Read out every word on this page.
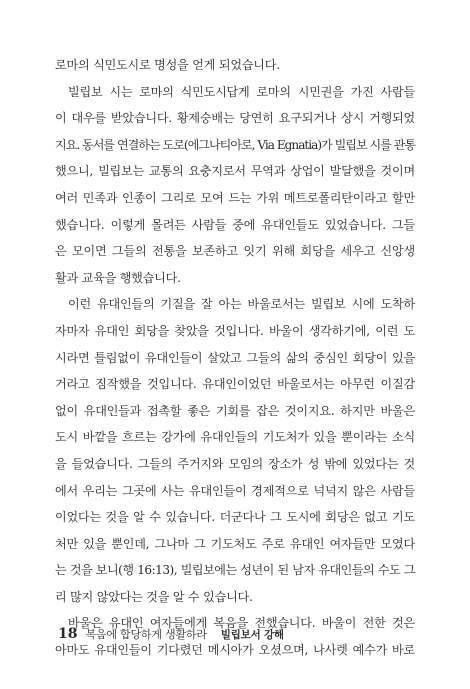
로마의 식민도시로 명성을 얻게 되었습니다.
빌립보 시는 로마의 식민도시답게 로마의 시민권을 가진 사람들
이 대우를 받았습니다. 황제숭배는 당연히 요구되거나 상시 거행되었
지요. 동서를 연결하는 도로(에그나티아로, Via Egnatia)가 빌립보 시를 관통
했으니, 빌립보는 교통의 요충지로서 무역과 상업이 발달했을 것이며
여러 민족과 인종이 그리로 모여 드는 가위 메트로폴리탄이라고 할만
했습니다. 이렇게 몰려든 사람들 중에 유대인들도 있었습니다. 그들
은 모이면 그들의 전통을 보존하고 잇기 위해 회당을 세우고 신앙생
활과 교육을 행했습니다.
이런 유대인들의 기질을 잘 아는 바울로서는 빌립보 시에 도착하
자마자 유대인 회당을 찾았을 것입니다. 바울이 생각하기에, 이런 도
시라면 틀림없이 유대인들이 살았고 그들의 삶의 중심인 회당이 있을
거라고 짐작했을 것입니다. 유대인이었던 바울로서는 아무런 이질감
없이 유대인들과 접촉할 좋은 기회를 잡은 것이지요. 하지만 바울은
도시 바깥을 흐르는 강가에 유대인들의 기도처가 있을 뿐이라는 소식
을 들었습니다. 그들의 주거지와 모임의 장소가 성 밖에 있었다는 것
에서 우리는 그곳에 사는 유대인들이 경제적으로 넉넉지 않은 사람들
이었다는 것을 알 수 있습니다. 더군다나 그 도시에 회당은 없고 기도
처만 있을 뿐인데, 그나마 그 기도처도 주로 유대인 여자들만 모였다
는 것을 보니(행 16:13), 빌립보에는 성년이 된 남자 유대인들의 수도 그
리 많지 않았다는 것을 알 수 있습니다.
바울은 유대인 여자들에게 복음을 전했습니다. 바울이 전한 것은
아마도 유대인들이 기다렸던 메시아가 오셨으며, 나사렛 예수가 바로
18 복음에 합당하게 생활하라 빌립보서 강해
